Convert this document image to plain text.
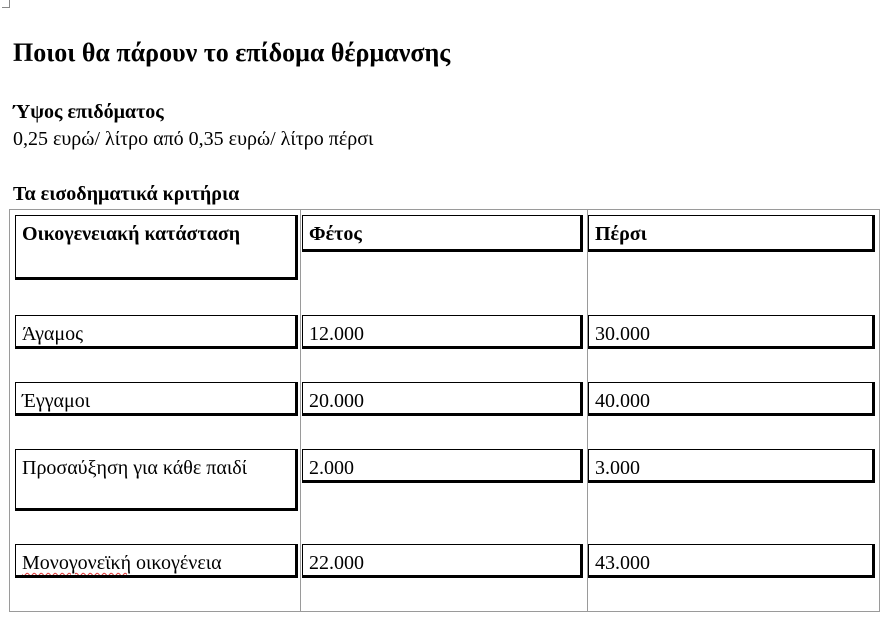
Ποιοι θα πάρουν το επίδομα θέρμανσης
Ύψος επιδόματος
0,25 ευρώ/ λίτρο από 0,35 ευρώ/ λίτρο πέρσι
Τα εισοδηματικά κριτήρια
Οικογενειακή κατάσταση	Φέτος	Πέρσι
Άγαμος	12.000	30.000
Έγγαμοι	20.000	40.000
Προσαύξηση για κάθε παιδί	2.000	3.000
Μονογονεϊκή οικογένεια	22.000	43.000
